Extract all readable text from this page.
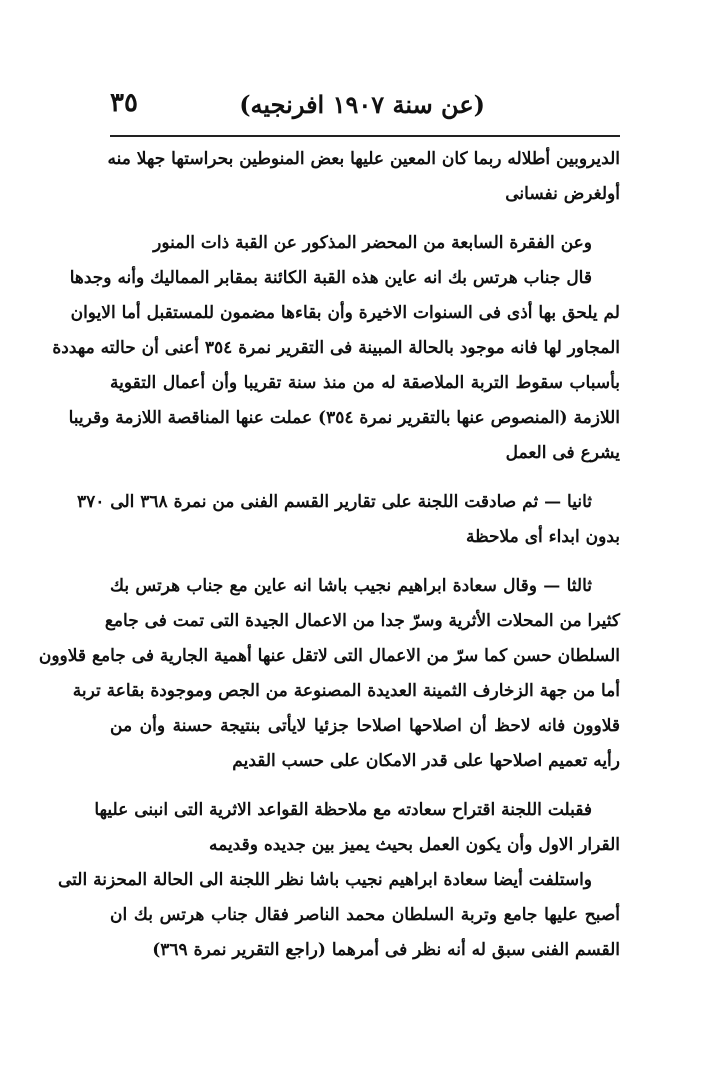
٣٥	(عن سنة ١٩٠٧ افرنجيه)
الديروبين أطلاله ربما كان المعين عليها بعض المنوطين بحراستها جهلا منه
أولغرض نفسانى
وعن الفقرة السابعة من المحضر المذكور عن القبة ذات المنور
قال جناب هرتس بك انه عاين هذه القبة الكائنة بمقابر المماليك وأنه وجدها
لم يلحق بها أذى فى السنوات الاخيرة وأن بقاءها مضمون للمستقبل أما الايوان
المجاور لها فانه موجود بالحالة المبينة فى التقرير نمرة ٣٥٤ أعنى أن حالته مهددة
بأسباب سقوط التربة الملاصقة له من منذ سنة تقريبا وأن أعمال التقوية
اللازمة (المنصوص عنها بالتقرير نمرة ٣٥٤) عملت عنها المناقصة اللازمة وقريبا
يشرع فى العمل
ثانيا — ثم صادقت اللجنة على تقارير القسم الفنى من نمرة ٣٦٨ الى ٣٧٠
بدون ابداء أى ملاحظة
ثالثا — وقال سعادة ابراهيم نجيب باشا انه عاين مع جناب هرتس بك
كثيرا من المحلات الأثرية وسرّ جدا من الاعمال الجيدة التى تمت فى جامع
السلطان حسن كما سرّ من الاعمال التى لاتقل عنها أهمية الجارية فى جامع قلاوون
أما من جهة الزخارف الثمينة العديدة المصنوعة من الجص وموجودة بقاعة تربة
قلاوون فانه لاحظ أن اصلاحها اصلاحا جزئيا لايأتى بنتيجة حسنة وأن من
رأيه تعميم اصلاحها على قدر الامكان على حسب القديم
فقبلت اللجنة اقتراح سعادته مع ملاحظة القواعد الاثرية التى انبنى عليها
القرار الاول وأن يكون العمل بحيث يميز بين جديده وقديمه
واستلفت أيضا سعادة ابراهيم نجيب باشا نظر اللجنة الى الحالة المحزنة التى
أصبح عليها جامع وتربة السلطان محمد الناصر فقال جناب هرتس بك ان
القسم الفنى سبق له أنه نظر فى أمرهما (راجع التقرير نمرة ٣٦٩)
